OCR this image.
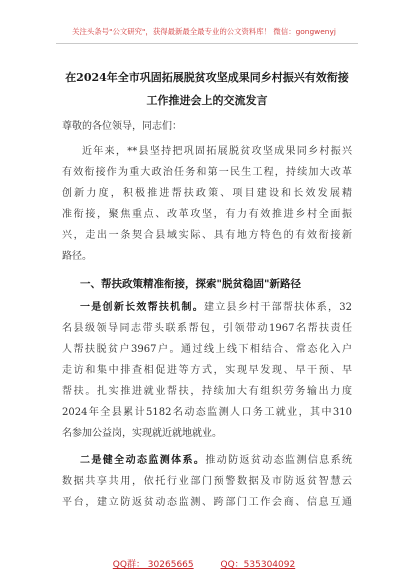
关注头条号"公文研究"，获得最新最全最专业的公文资料库！ 微信：gongwenyj
在2024年全市巩固拓展脱贫攻坚成果同乡村振兴有效衔接
工作推进会上的交流发言
尊敬的各位领导，同志们：
近年来，**县坚持把巩固拓展脱贫攻坚成果同乡村振兴
有效衔接作为重大政治任务和第一民生工程，持续加大改革
创新力度，积极推进帮扶政策、项目建设和长效发展精
准衔接，聚焦重点、改革攻坚，有力有效推进乡村全面振
兴，走出一条契合县域实际、具有地方特色的有效衔接新
路径。
一、帮扶政策精准衔接，探索"脱贫稳固"新路径
一是创新长效帮扶机制。建立县乡村干部帮扶体系，32
名县级领导同志带头联系帮包，引领带动1967名帮扶责任
人帮扶脱贫户3967户。通过线上线下相结合、常态化入户
走访和集中排查相促进等方式，实现早发现、早干预、早
帮扶。扎实推进就业帮扶，持续加大有组织劳务输出力度
2024年全县累计5182名动态监测人口务工就业，其中310
名参加公益岗，实现就近就地就业。
二是健全动态监测体系。推动防返贫动态监测信息系统
数据共享共用，依托行业部门预警数据及市防返贫智慧云
平台，建立防返贫动态监测、跨部门工作会商、信息互通
QQ群： 30265665	QQ：535304092
